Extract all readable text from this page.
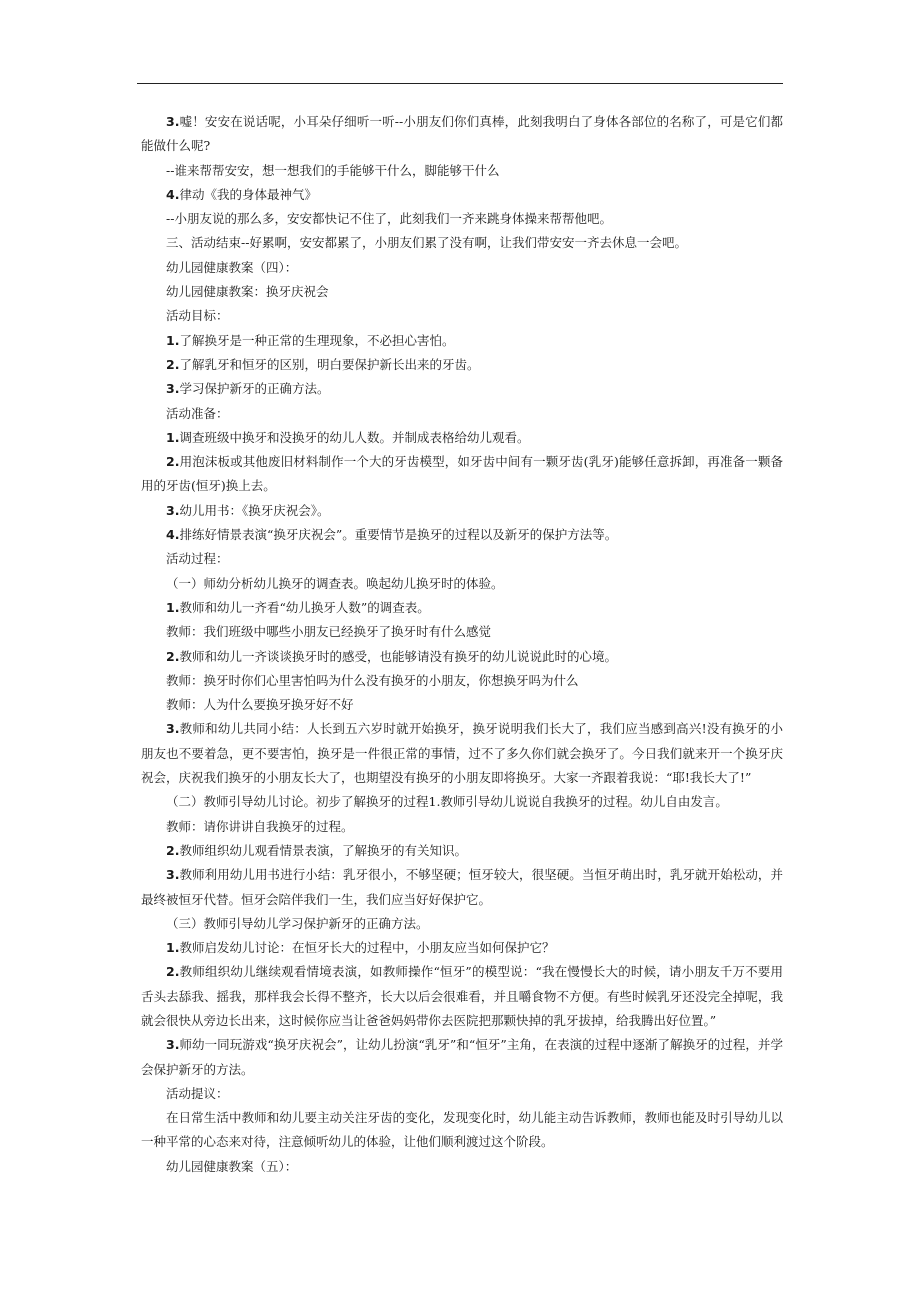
3.嘘！安安在说话呢，小耳朵仔细听一听--小朋友们你们真棒，此刻我明白了身体各部位的名称了，可是它们都能做什么呢?

--谁来帮帮安安，想一想我们的手能够干什么，脚能够干什么

4.律动《我的身体最神气》

--小朋友说的那么多，安安都快记不住了，此刻我们一齐来跳身体操来帮帮他吧。

三、活动结束--好累啊，安安都累了，小朋友们累了没有啊，让我们带安安一齐去休息一会吧。

幼儿园健康教案（四）：

幼儿园健康教案：换牙庆祝会

活动目标：

1.了解换牙是一种正常的生理现象，不必担心害怕。

2.了解乳牙和恒牙的区别，明白要保护新长出来的牙齿。

3.学习保护新牙的正确方法。

活动准备：

1.调查班级中换牙和没换牙的幼儿人数。并制成表格给幼儿观看。

2.用泡沫板或其他废旧材料制作一个大的牙齿模型，如牙齿中间有一颗牙齿(乳牙)能够任意拆卸，再准备一颗备用的牙齿(恒牙)换上去。

3.幼儿用书：《换牙庆祝会》。

4.排练好情景表演“换牙庆祝会”。重要情节是换牙的过程以及新牙的保护方法等。

活动过程：

（一）师幼分析幼儿换牙的调查表。唤起幼儿换牙时的体验。

1.教师和幼儿一齐看“幼儿换牙人数”的调查表。

教师：我们班级中哪些小朋友已经换牙了换牙时有什么感觉

2.教师和幼儿一齐谈谈换牙时的感受，也能够请没有换牙的幼儿说说此时的心境。

教师：换牙时你们心里害怕吗为什么没有换牙的小朋友，你想换牙吗为什么

教师：人为什么要换牙换牙好不好

3.教师和幼儿共同小结：人长到五六岁时就开始换牙，换牙说明我们长大了，我们应当感到高兴!没有换牙的小朋友也不要着急，更不要害怕，换牙是一件很正常的事情，过不了多久你们就会换牙了。今日我们就来开一个换牙庆祝会，庆祝我们换牙的小朋友长大了，也期望没有换牙的小朋友即将换牙。大家一齐跟着我说：“耶!我长大了!”

（二）教师引导幼儿讨论。初步了解换牙的过程1.教师引导幼儿说说自我换牙的过程。幼儿自由发言。

教师：请你讲讲自我换牙的过程。

2.教师组织幼儿观看情景表演，了解换牙的有关知识。

3.教师利用幼儿用书进行小结：乳牙很小，不够坚硬；恒牙较大，很坚硬。当恒牙萌出时，乳牙就开始松动，并最终被恒牙代替。恒牙会陪伴我们一生，我们应当好好保护它。

（三）教师引导幼儿学习保护新牙的正确方法。

1.教师启发幼儿讨论：在恒牙长大的过程中，小朋友应当如何保护它？

2.教师组织幼儿继续观看情境表演，如教师操作“恒牙”的模型说：“我在慢慢长大的时候，请小朋友千万不要用舌头去舔我、摇我，那样我会长得不整齐，长大以后会很难看，并且嚼食物不方便。有些时候乳牙还没完全掉呢，我就会很快从旁边长出来，这时候你应当让爸爸妈妈带你去医院把那颗快掉的乳牙拔掉，给我腾出好位置。”

3.师幼一同玩游戏“换牙庆祝会”，让幼儿扮演“乳牙”和“恒牙”主角，在表演的过程中逐渐了解换牙的过程，并学会保护新牙的方法。

活动提议：

在日常生活中教师和幼儿要主动关注牙齿的变化，发现变化时，幼儿能主动告诉教师，教师也能及时引导幼儿以一种平常的心态来对待，注意倾听幼儿的体验，让他们顺利渡过这个阶段。

幼儿园健康教案（五）：
